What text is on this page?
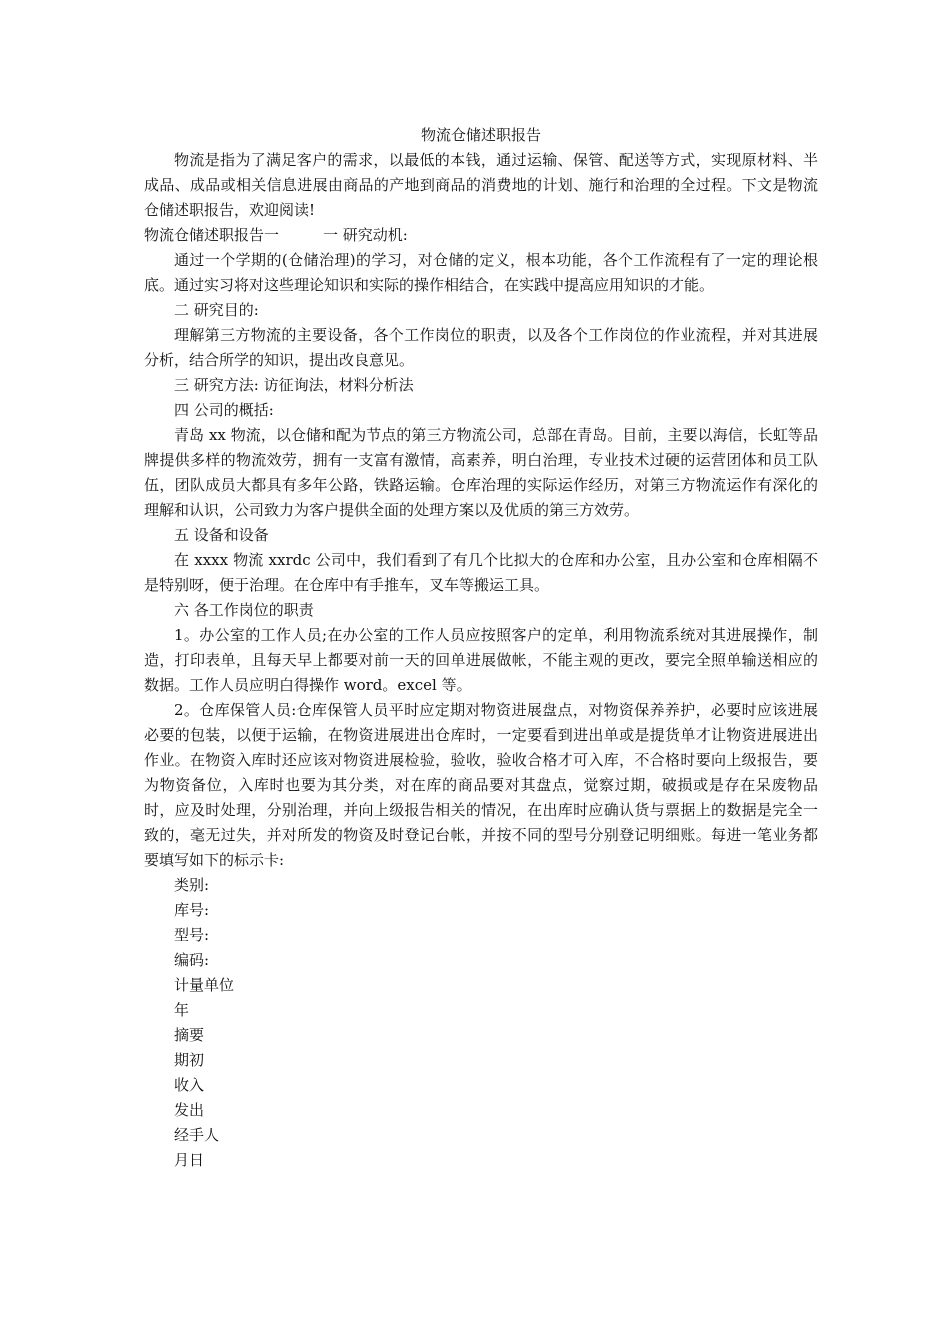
物流仓储述职报告

物流是指为了满足客户的需求，以最低的本钱，通过运输、保管、配送等方式，实现原材料、半成品、成品或相关信息进展由商品的产地到商品的消费地的计划、施行和治理的全过程。下文是物流仓储述职报告，欢迎阅读!

物流仓储述职报告一	一 研究动机:

通过一个学期的(仓储治理)的学习，对仓储的定义，根本功能，各个工作流程有了一定的理论根底。通过实习将对这些理论知识和实际的操作相结合，在实践中提高应用知识的才能。

二 研究目的:

理解第三方物流的主要设备，各个工作岗位的职责，以及各个工作岗位的作业流程，并对其进展分析，结合所学的知识，提出改良意见。

三 研究方法: 访征询法，材料分析法

四 公司的概括:

青岛 xx 物流，以仓储和配为节点的第三方物流公司，总部在青岛。目前，主要以海信，长虹等品牌提供多样的物流效劳，拥有一支富有激情，高素养，明白治理，专业技术过硬的运营团体和员工队伍，团队成员大都具有多年公路，铁路运输。仓库治理的实际运作经历，对第三方物流运作有深化的理解和认识，公司致力为客户提供全面的处理方案以及优质的第三方效劳。

五 设备和设备

在 xxxx 物流 xxrdc 公司中，我们看到了有几个比拟大的仓库和办公室，且办公室和仓库相隔不是特别呀，便于治理。在仓库中有手推车，叉车等搬运工具。

六 各工作岗位的职责

1。办公室的工作人员;在办公室的工作人员应按照客户的定单，利用物流系统对其进展操作，制造，打印表单，且每天早上都要对前一天的回单进展做帐，不能主观的更改，要完全照单输送相应的数据。工作人员应明白得操作 word。excel 等。

2。仓库保管人员:仓库保管人员平时应定期对物资进展盘点，对物资保养养护，必要时应该进展必要的包装，以便于运输，在物资进展进出仓库时，一定要看到进出单或是提货单才让物资进展进出作业。在物资入库时还应该对物资进展检验，验收，验收合格才可入库，不合格时要向上级报告，要为物资备位，入库时也要为其分类，对在库的商品要对其盘点，觉察过期，破损或是存在呆废物品时，应及时处理，分别治理，并向上级报告相关的情况，在出库时应确认货与票据上的数据是完全一致的，毫无过失，并对所发的物资及时登记台帐，并按不同的型号分别登记明细账。每进一笔业务都要填写如下的标示卡:

类别:

库号:

型号:

编码:

计量单位

年

摘要

期初

收入

发出

经手人

月日
